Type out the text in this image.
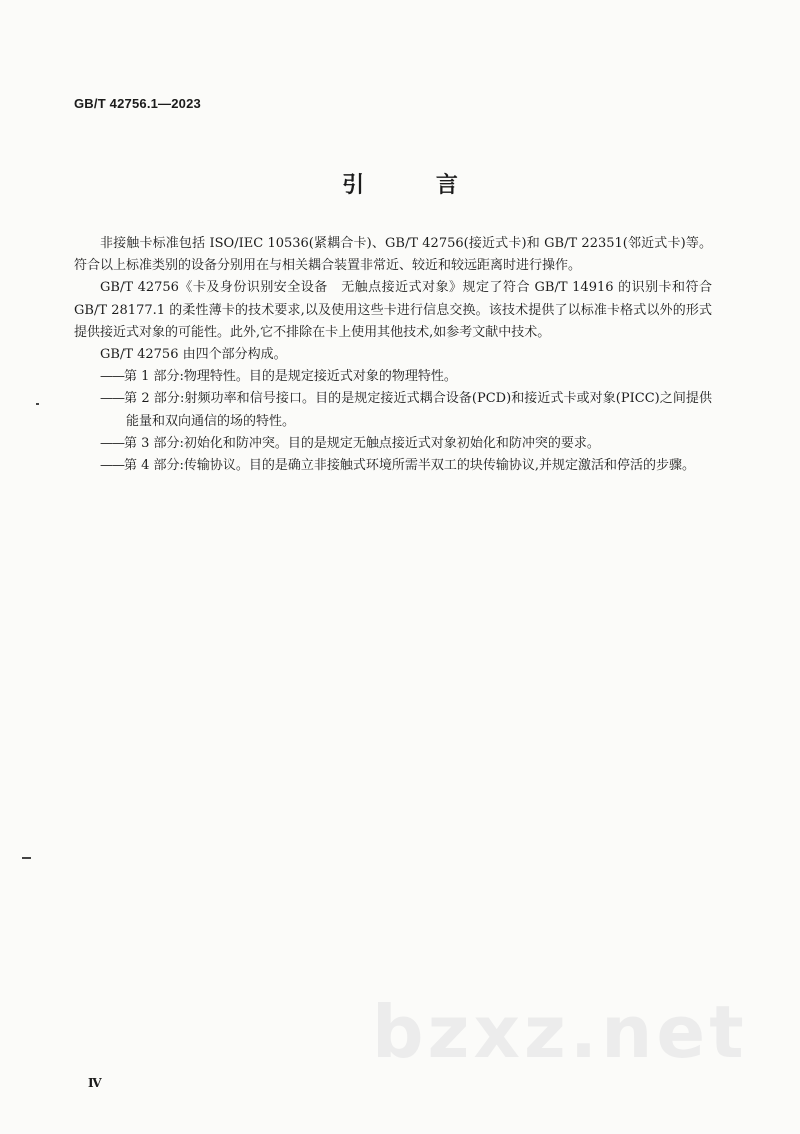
GB/T 42756.1—2023
引 言

非接触卡标准包括 ISO/IEC 10536(紧耦合卡)、GB/T 42756(接近式卡)和 GB/T 22351(邻近式卡)等。符合以上标准类别的设备分别用在与相关耦合装置非常近、较近和较远距离时进行操作。

GB/T 42756《卡及身份识别安全设备　无触点接近式对象》规定了符合 GB/T 14916 的识别卡和符合 GB/T 28177.1 的柔性薄卡的技术要求,以及使用这些卡进行信息交换。该技术提供了以标准卡格式以外的形式提供接近式对象的可能性。此外,它不排除在卡上使用其他技术,如参考文献中技术。

GB/T 42756 由四个部分构成。

——第 1 部分:物理特性。目的是规定接近式对象的物理特性。

——第 2 部分:射频功率和信号接口。目的是规定接近式耦合设备(PCD)和接近式卡或对象(PICC)之间提供能量和双向通信的场的特性。

——第 3 部分:初始化和防冲突。目的是规定无触点接近式对象初始化和防冲突的要求。

——第 4 部分:传输协议。目的是确立非接触式环境所需半双工的块传输协议,并规定激活和停活的步骤。

bzxz.net
Ⅳ
